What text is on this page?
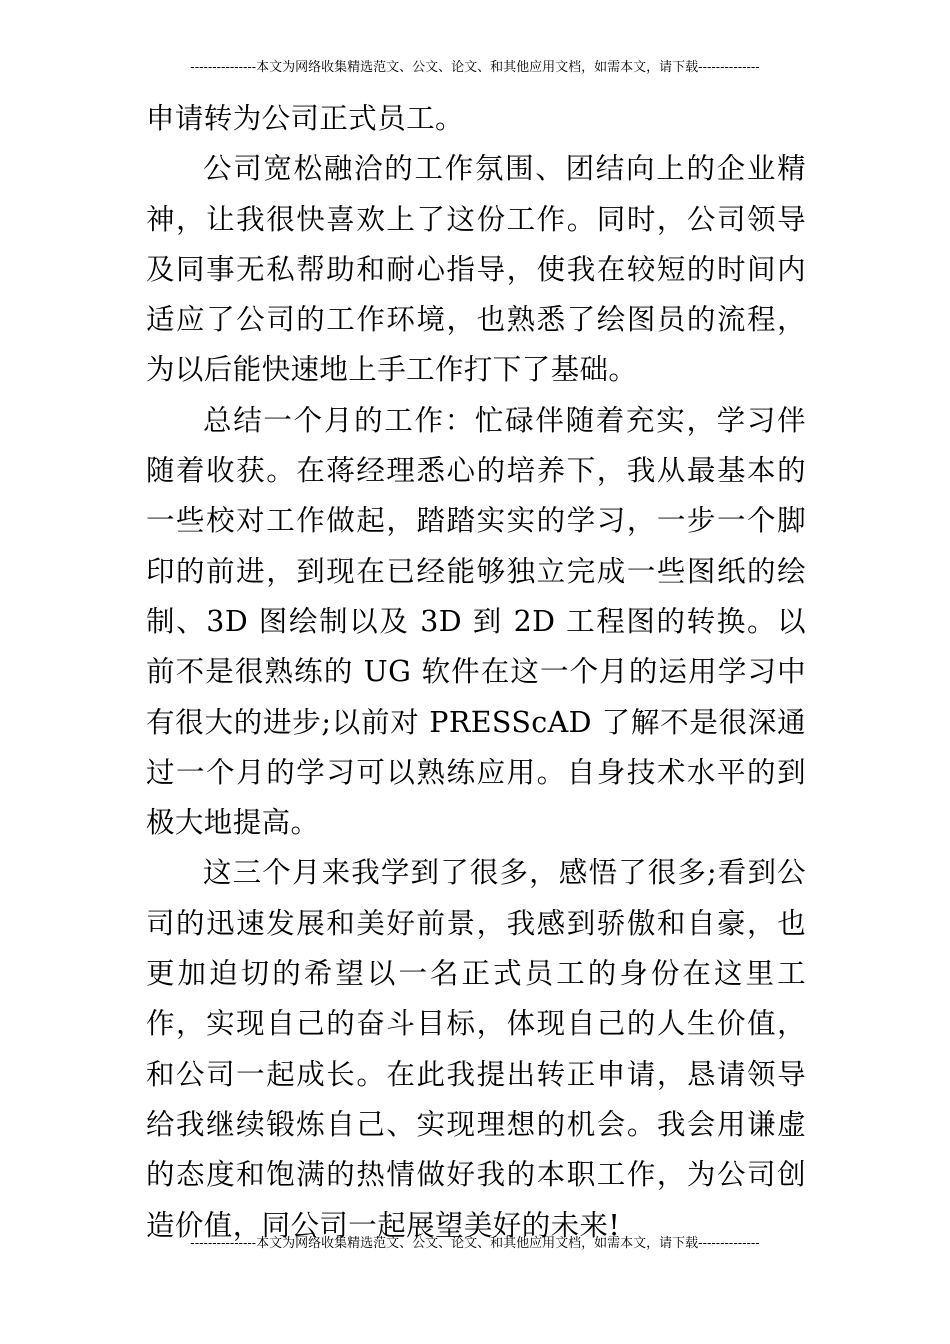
---------------本文为网络收集精选范文、公文、论文、和其他应用文档，如需本文，请下载--------------

申请转为公司正式员工。

公司宽松融洽的工作氛围、团结向上的企业精神，让我很快喜欢上了这份工作。同时，公司领导及同事无私帮助和耐心指导，使我在较短的时间内适应了公司的工作环境，也熟悉了绘图员的流程，为以后能快速地上手工作打下了基础。

总结一个月的工作：忙碌伴随着充实，学习伴随着收获。在蒋经理悉心的培养下，我从最基本的一些校对工作做起，踏踏实实的学习，一步一个脚印的前进，到现在已经能够独立完成一些图纸的绘制、3D 图绘制以及 3D 到 2D 工程图的转换。以前不是很熟练的 UG 软件在这一个月的运用学习中有很大的进步;以前对 PRESScAD 了解不是很深通过一个月的学习可以熟练应用。自身技术水平的到极大地提高。

这三个月来我学到了很多，感悟了很多;看到公司的迅速发展和美好前景，我感到骄傲和自豪，也更加迫切的希望以一名正式员工的身份在这里工作，实现自己的奋斗目标，体现自己的人生价值，和公司一起成长。在此我提出转正申请，恳请领导给我继续锻炼自己、实现理想的机会。我会用谦虚的态度和饱满的热情做好我的本职工作，为公司创造价值，同公司一起展望美好的未来!

---------------本文为网络收集精选范文、公文、论文、和其他应用文档，如需本文，请下载--------------
